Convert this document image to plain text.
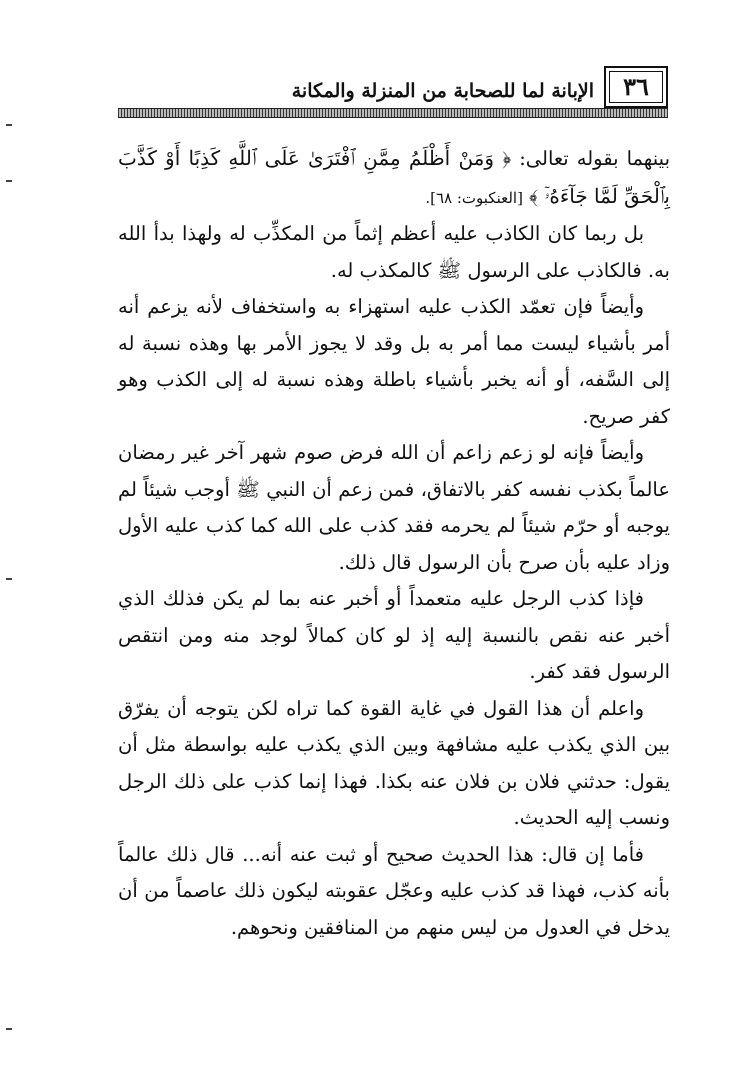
٣٦
الإبانة لما للصحابة من المنزلة والمكانة

بينهما بقوله تعالى: ﴿ وَمَنْ أَظْلَمُ مِمَّنِ ٱفْتَرَىٰ عَلَى ٱللَّهِ كَذِبًا أَوْ كَذَّبَ بِٱلْحَقِّ لَمَّا جَآءَهُۥٓ ﴾ [العنكبوت: ٦٨].

بل ربما كان الكاذب عليه أعظم إثماً من المكذِّب له ولهذا بدأ الله به. فالكاذب على الرسول ﷺ كالمكذب له.

وأيضاً فإن تعمّد الكذب عليه استهزاء به واستخفاف لأنه يزعم أنه أمر بأشياء ليست مما أمر به بل وقد لا يجوز الأمر بها وهذه نسبة له إلى السَّفه، أو أنه يخبر بأشياء باطلة وهذه نسبة له إلى الكذب وهو كفر صريح.

وأيضاً فإنه لو زعم زاعم أن الله فرض صوم شهر آخر غير رمضان عالماً بكذب نفسه كفر بالاتفاق، فمن زعم أن النبي ﷺ أوجب شيئاً لم يوجبه أو حرّم شيئاً لم يحرمه فقد كذب على الله كما كذب عليه الأول وزاد عليه بأن صرح بأن الرسول قال ذلك.

فإذا كذب الرجل عليه متعمداً أو أخبر عنه بما لم يكن فذلك الذي أخبر عنه نقص بالنسبة إليه إذ لو كان كمالاً لوجد منه ومن انتقص الرسول فقد كفر.

واعلم أن هذا القول في غاية القوة كما تراه لكن يتوجه أن يفرّق بين الذي يكذب عليه مشافهة وبين الذي يكذب عليه بواسطة مثل أن يقول: حدثني فلان بن فلان عنه بكذا. فهذا إنما كذب على ذلك الرجل ونسب إليه الحديث.

فأما إن قال: هذا الحديث صحيح أو ثبت عنه أنه... قال ذلك عالماً بأنه كذب، فهذا قد كذب عليه وعجّل عقوبته ليكون ذلك عاصماً من أن يدخل في العدول من ليس منهم من المنافقين ونحوهم.
